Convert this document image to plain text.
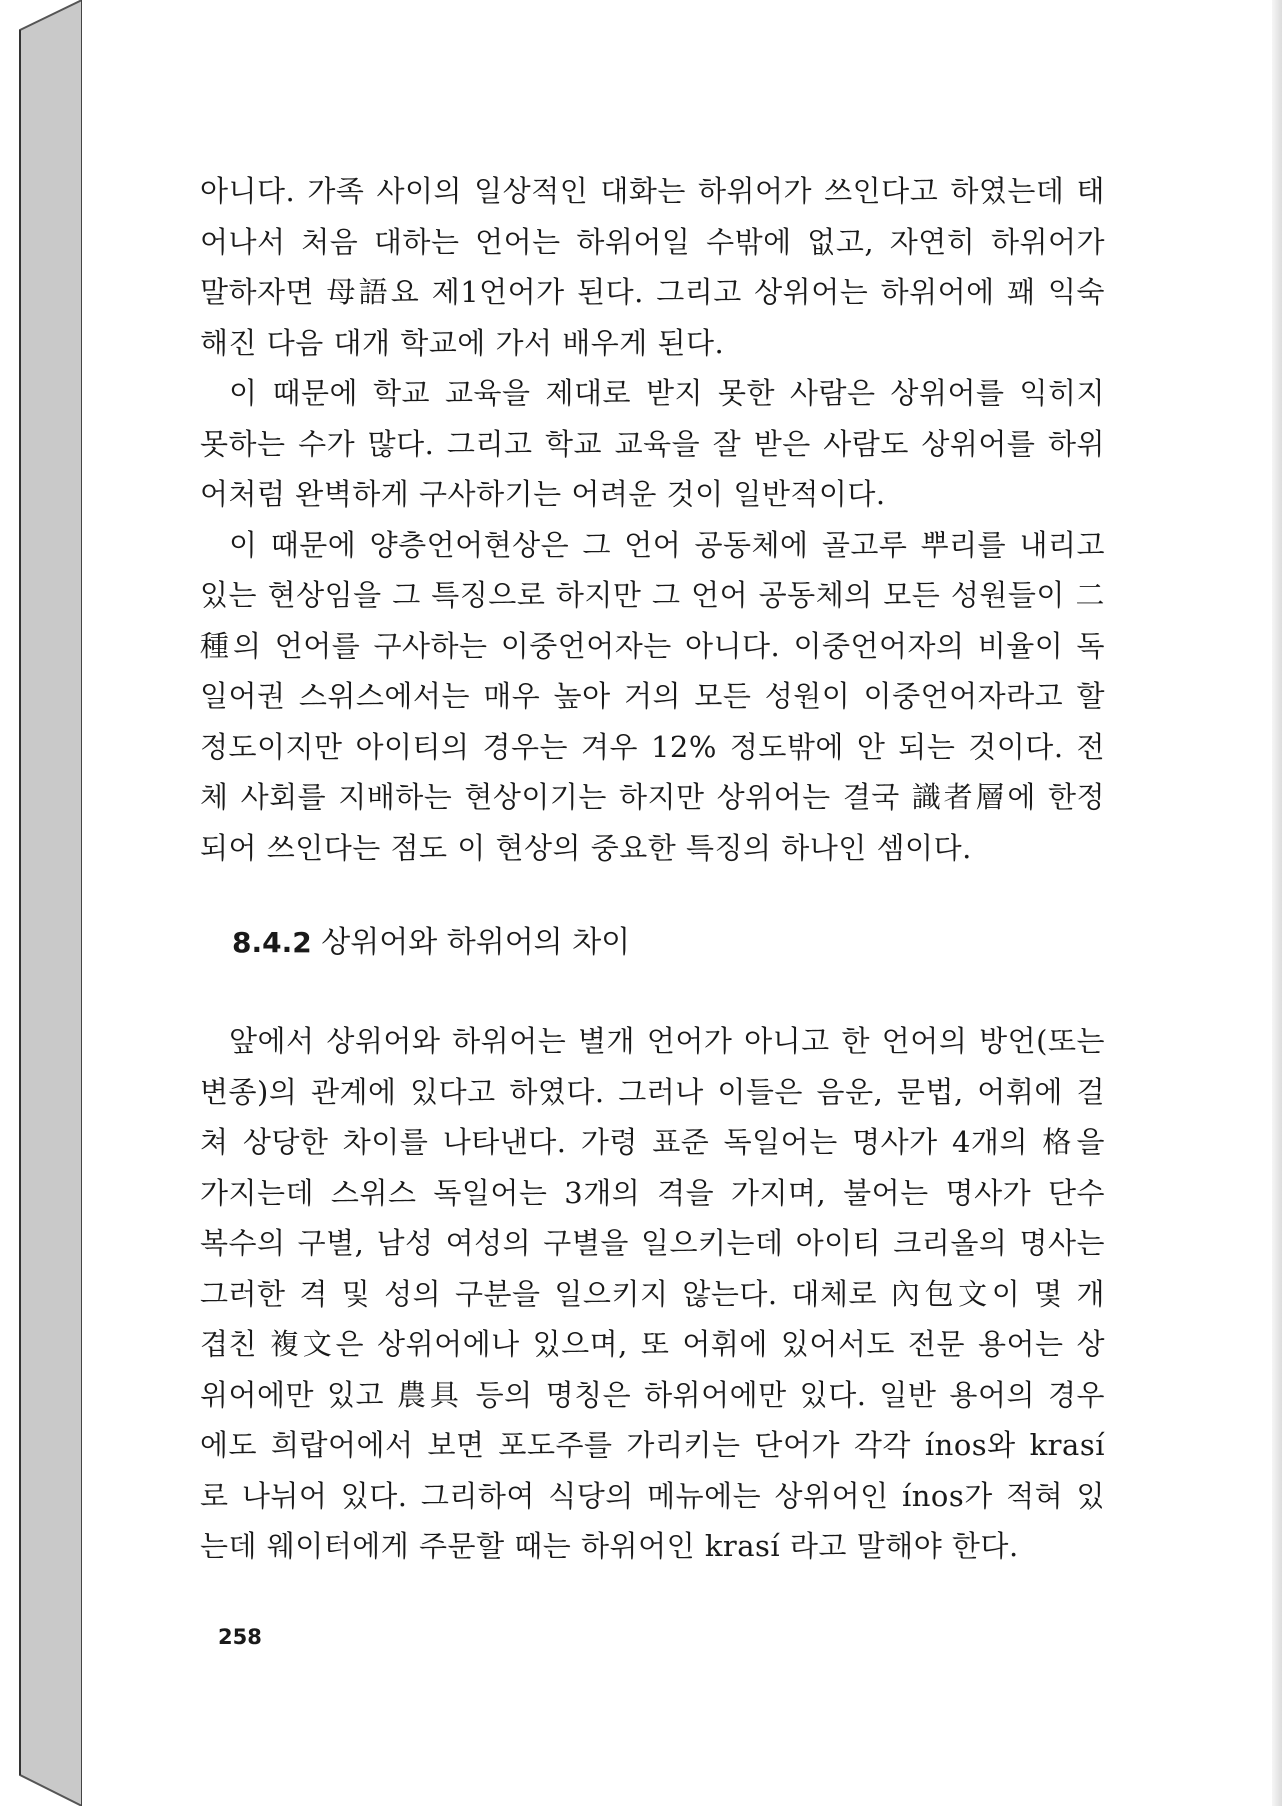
아니다. 가족 사이의 일상적인 대화는 하위어가 쓰인다고 하였는데 태
어나서 처음 대하는 언어는 하위어일 수밖에 없고, 자연히 하위어가
말하자면 母語요 제1언어가 된다. 그리고 상위어는 하위어에 꽤 익숙
해진 다음 대개 학교에 가서 배우게 된다.
이 때문에 학교 교육을 제대로 받지 못한 사람은 상위어를 익히지
못하는 수가 많다. 그리고 학교 교육을 잘 받은 사람도 상위어를 하위
어처럼 완벽하게 구사하기는 어려운 것이 일반적이다.
이 때문에 양층언어현상은 그 언어 공동체에 골고루 뿌리를 내리고
있는 현상임을 그 특징으로 하지만 그 언어 공동체의 모든 성원들이 二
種의 언어를 구사하는 이중언어자는 아니다. 이중언어자의 비율이 독
일어권 스위스에서는 매우 높아 거의 모든 성원이 이중언어자라고 할
정도이지만 아이티의 경우는 겨우 12% 정도밖에 안 되는 것이다. 전
체 사회를 지배하는 현상이기는 하지만 상위어는 결국 識者層에 한정
되어 쓰인다는 점도 이 현상의 중요한 특징의 하나인 셈이다.
8.4.2 상위어와 하위어의 차이
앞에서 상위어와 하위어는 별개 언어가 아니고 한 언어의 방언(또는
변종)의 관계에 있다고 하였다. 그러나 이들은 음운, 문법, 어휘에 걸
쳐 상당한 차이를 나타낸다. 가령 표준 독일어는 명사가 4개의 格을
가지는데 스위스 독일어는 3개의 격을 가지며, 불어는 명사가 단수
복수의 구별, 남성 여성의 구별을 일으키는데 아이티 크리올의 명사는
그러한 격 및 성의 구분을 일으키지 않는다. 대체로 內包文이 몇 개
겹친 複文은 상위어에나 있으며, 또 어휘에 있어서도 전문 용어는 상
위어에만 있고 農具 등의 명칭은 하위어에만 있다. 일반 용어의 경우
에도 희랍어에서 보면 포도주를 가리키는 단어가 각각 ínos와 krasí
로 나뉘어 있다. 그리하여 식당의 메뉴에는 상위어인 ínos가 적혀 있
는데 웨이터에게 주문할 때는 하위어인 krasí 라고 말해야 한다.
258
